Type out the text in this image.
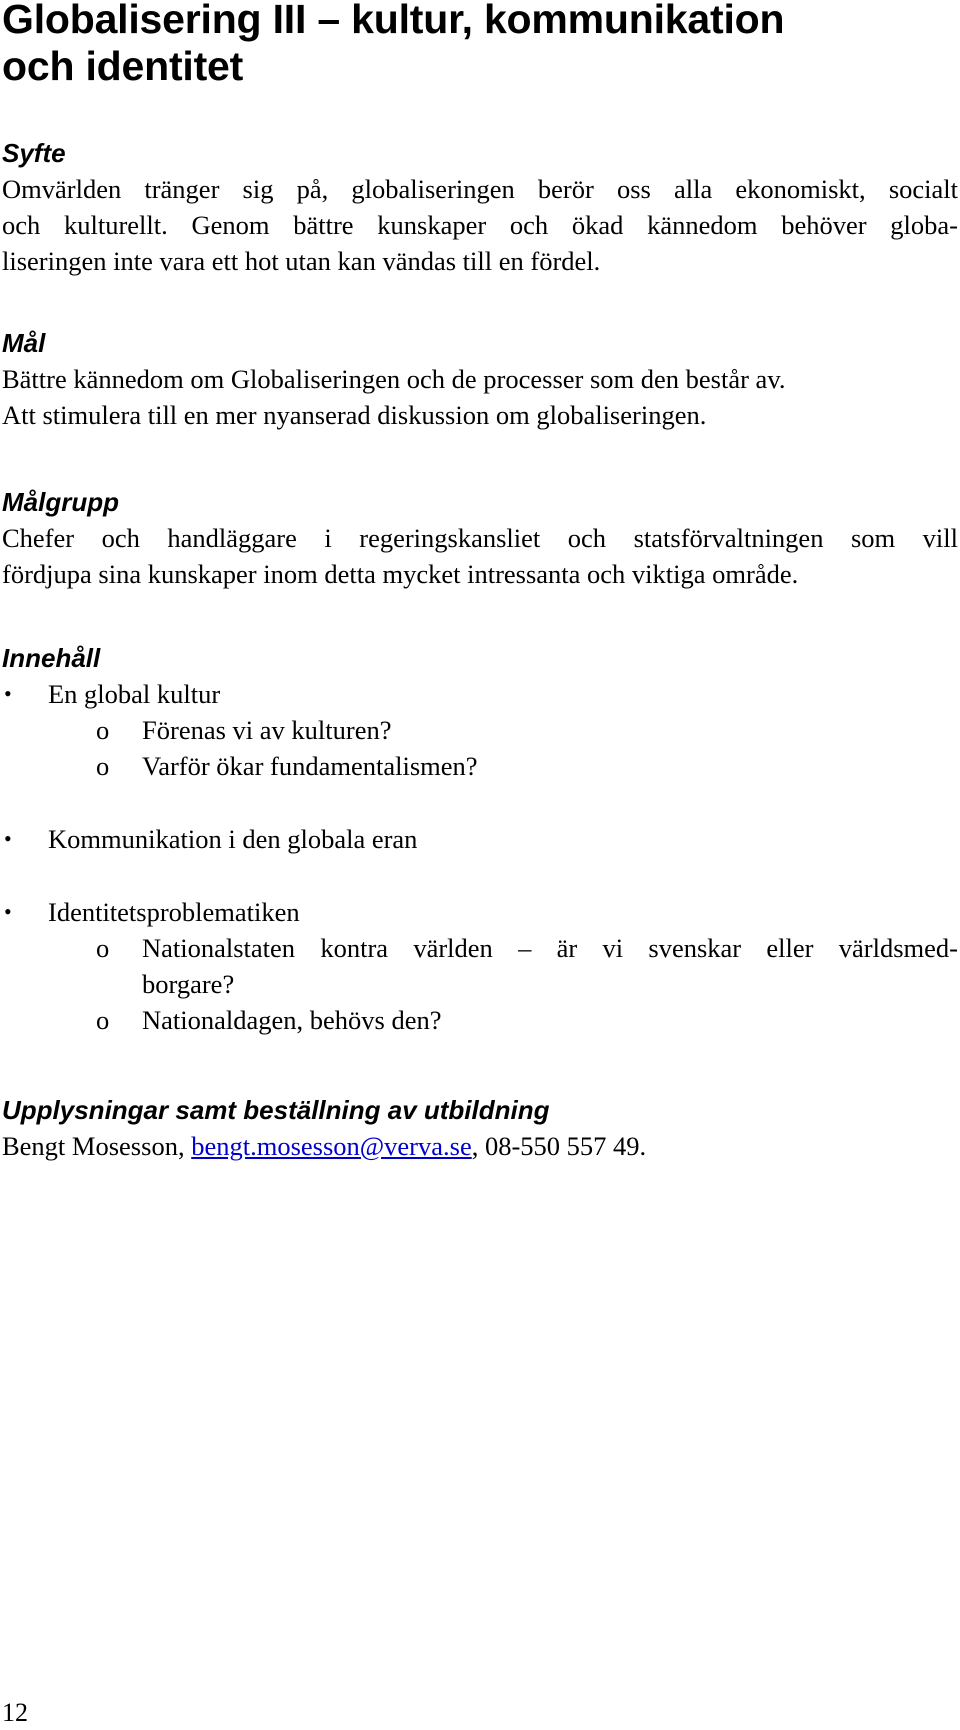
Globalisering III – kultur, kommunikation
och identitet
Syfte

Omvärlden tränger sig på, globaliseringen berör oss alla ekonomiskt, socialt
och kulturellt. Genom bättre kunskaper och ökad kännedom behöver globa-
liseringen inte vara ett hot utan kan vändas till en fördel.

Mål

Bättre kännedom om Globaliseringen och de processer som den består av.
Att stimulera till en mer nyanserad diskussion om globaliseringen.

Målgrupp

Chefer och handläggare i regeringskansliet och statsförvaltningen som vill
fördjupa sina kunskaper inom detta mycket intressanta och viktiga område.

Innehåll
• En global kultur
o Förenas vi av kulturen?
o Varför ökar fundamentalismen?
• Kommunikation i den globala eran
• Identitetsproblematiken
o Nationalstaten kontra världen – är vi svenskar eller världsmed-
borgare?
o Nationaldagen, behövs den?
Upplysningar samt beställning av utbildning

Bengt Mosesson, bengt.mosesson@verva.se, 08-550 557 49.

12
